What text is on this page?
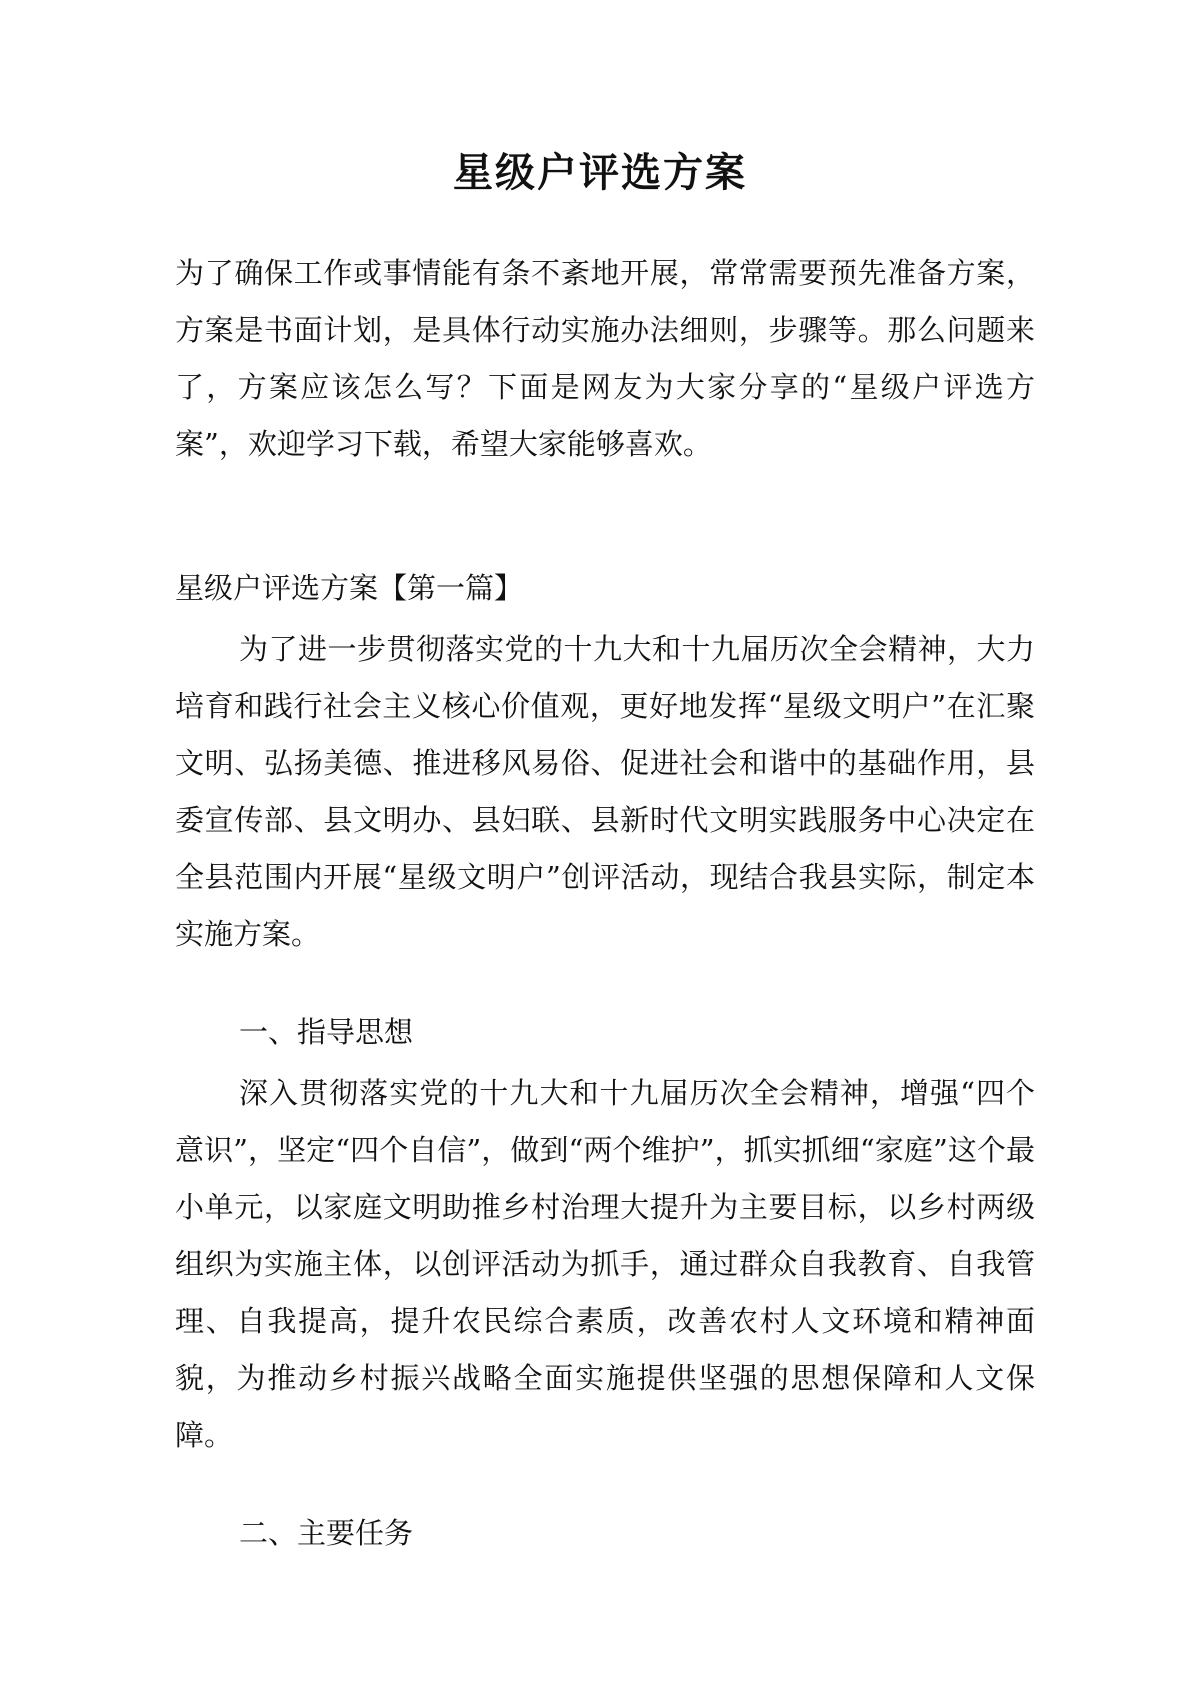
星级户评选方案

为了确保工作或事情能有条不紊地开展，常常需要预先准备方案，方案是书面计划，是具体行动实施办法细则，步骤等。那么问题来了，方案应该怎么写？下面是网友为大家分享的“星级户评选方案”，欢迎学习下载，希望大家能够喜欢。

星级户评选方案【第一篇】

为了进一步贯彻落实党的十九大和十九届历次全会精神，大力培育和践行社会主义核心价值观，更好地发挥“星级文明户”在汇聚文明、弘扬美德、推进移风易俗、促进社会和谐中的基础作用，县委宣传部、县文明办、县妇联、县新时代文明实践服务中心决定在全县范围内开展“星级文明户”创评活动，现结合我县实际，制定本实施方案。

一、指导思想

深入贯彻落实党的十九大和十九届历次全会精神，增强“四个意识”，坚定“四个自信”，做到“两个维护”，抓实抓细“家庭”这个最小单元，以家庭文明助推乡村治理大提升为主要目标，以乡村两级组织为实施主体，以创评活动为抓手，通过群众自我教育、自我管理、自我提高，提升农民综合素质，改善农村人文环境和精神面貌，为推动乡村振兴战略全面实施提供坚强的思想保障和人文保障。

二、主要任务
